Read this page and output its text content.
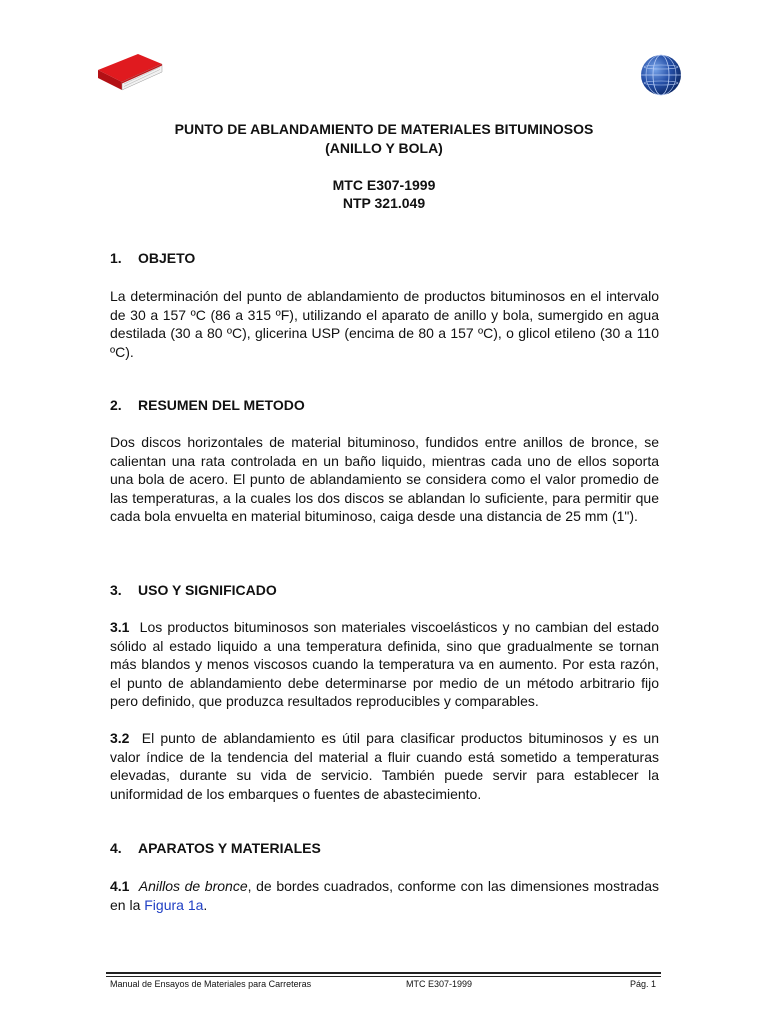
PUNTO DE ABLANDAMIENTO DE MATERIALES BITUMINOSOS
(ANILLO Y BOLA)
MTC E307-1999
NTP 321.049
1. OBJETO
La determinación del punto de ablandamiento de productos bituminosos en el intervalo de 30 a 157 ºC (86 a 315 ºF), utilizando el aparato de anillo y bola, sumergido en agua destilada (30 a 80 ºC), glicerina USP (encima de 80 a 157 ºC), o glicol etileno (30 a 110 ºC).
2. RESUMEN DEL METODO
Dos discos horizontales de material bituminoso, fundidos entre anillos de bronce, se calientan una rata controlada en un baño liquido, mientras cada uno de ellos soporta una bola de acero. El punto de ablandamiento se considera como el valor promedio de las temperaturas, a la cuales los dos discos se ablandan lo suficiente, para permitir que cada bola envuelta en material bituminoso, caiga desde una distancia de 25 mm (1").
3. USO Y SIGNIFICADO
3.1 Los productos bituminosos son materiales viscoelásticos y no cambian del estado sólido al estado liquido a una temperatura definida, sino que gradualmente se tornan más blandos y menos viscosos cuando la temperatura va en aumento. Por esta razón, el punto de ablandamiento debe determinarse por medio de un método arbitrario fijo pero definido, que produzca resultados reproducibles y comparables.
3.2 El punto de ablandamiento es útil para clasificar productos bituminosos y es un valor índice de la tendencia del material a fluir cuando está sometido a temperaturas elevadas, durante su vida de servicio. También puede servir para establecer la uniformidad de los embarques o fuentes de abastecimiento.
4. APARATOS Y MATERIALES
4.1 Anillos de bronce, de bordes cuadrados, conforme con las dimensiones mostradas en la Figura 1a.
Manual de Ensayos de Materiales para Carreteras	MTC E307-1999	Pág. 1
